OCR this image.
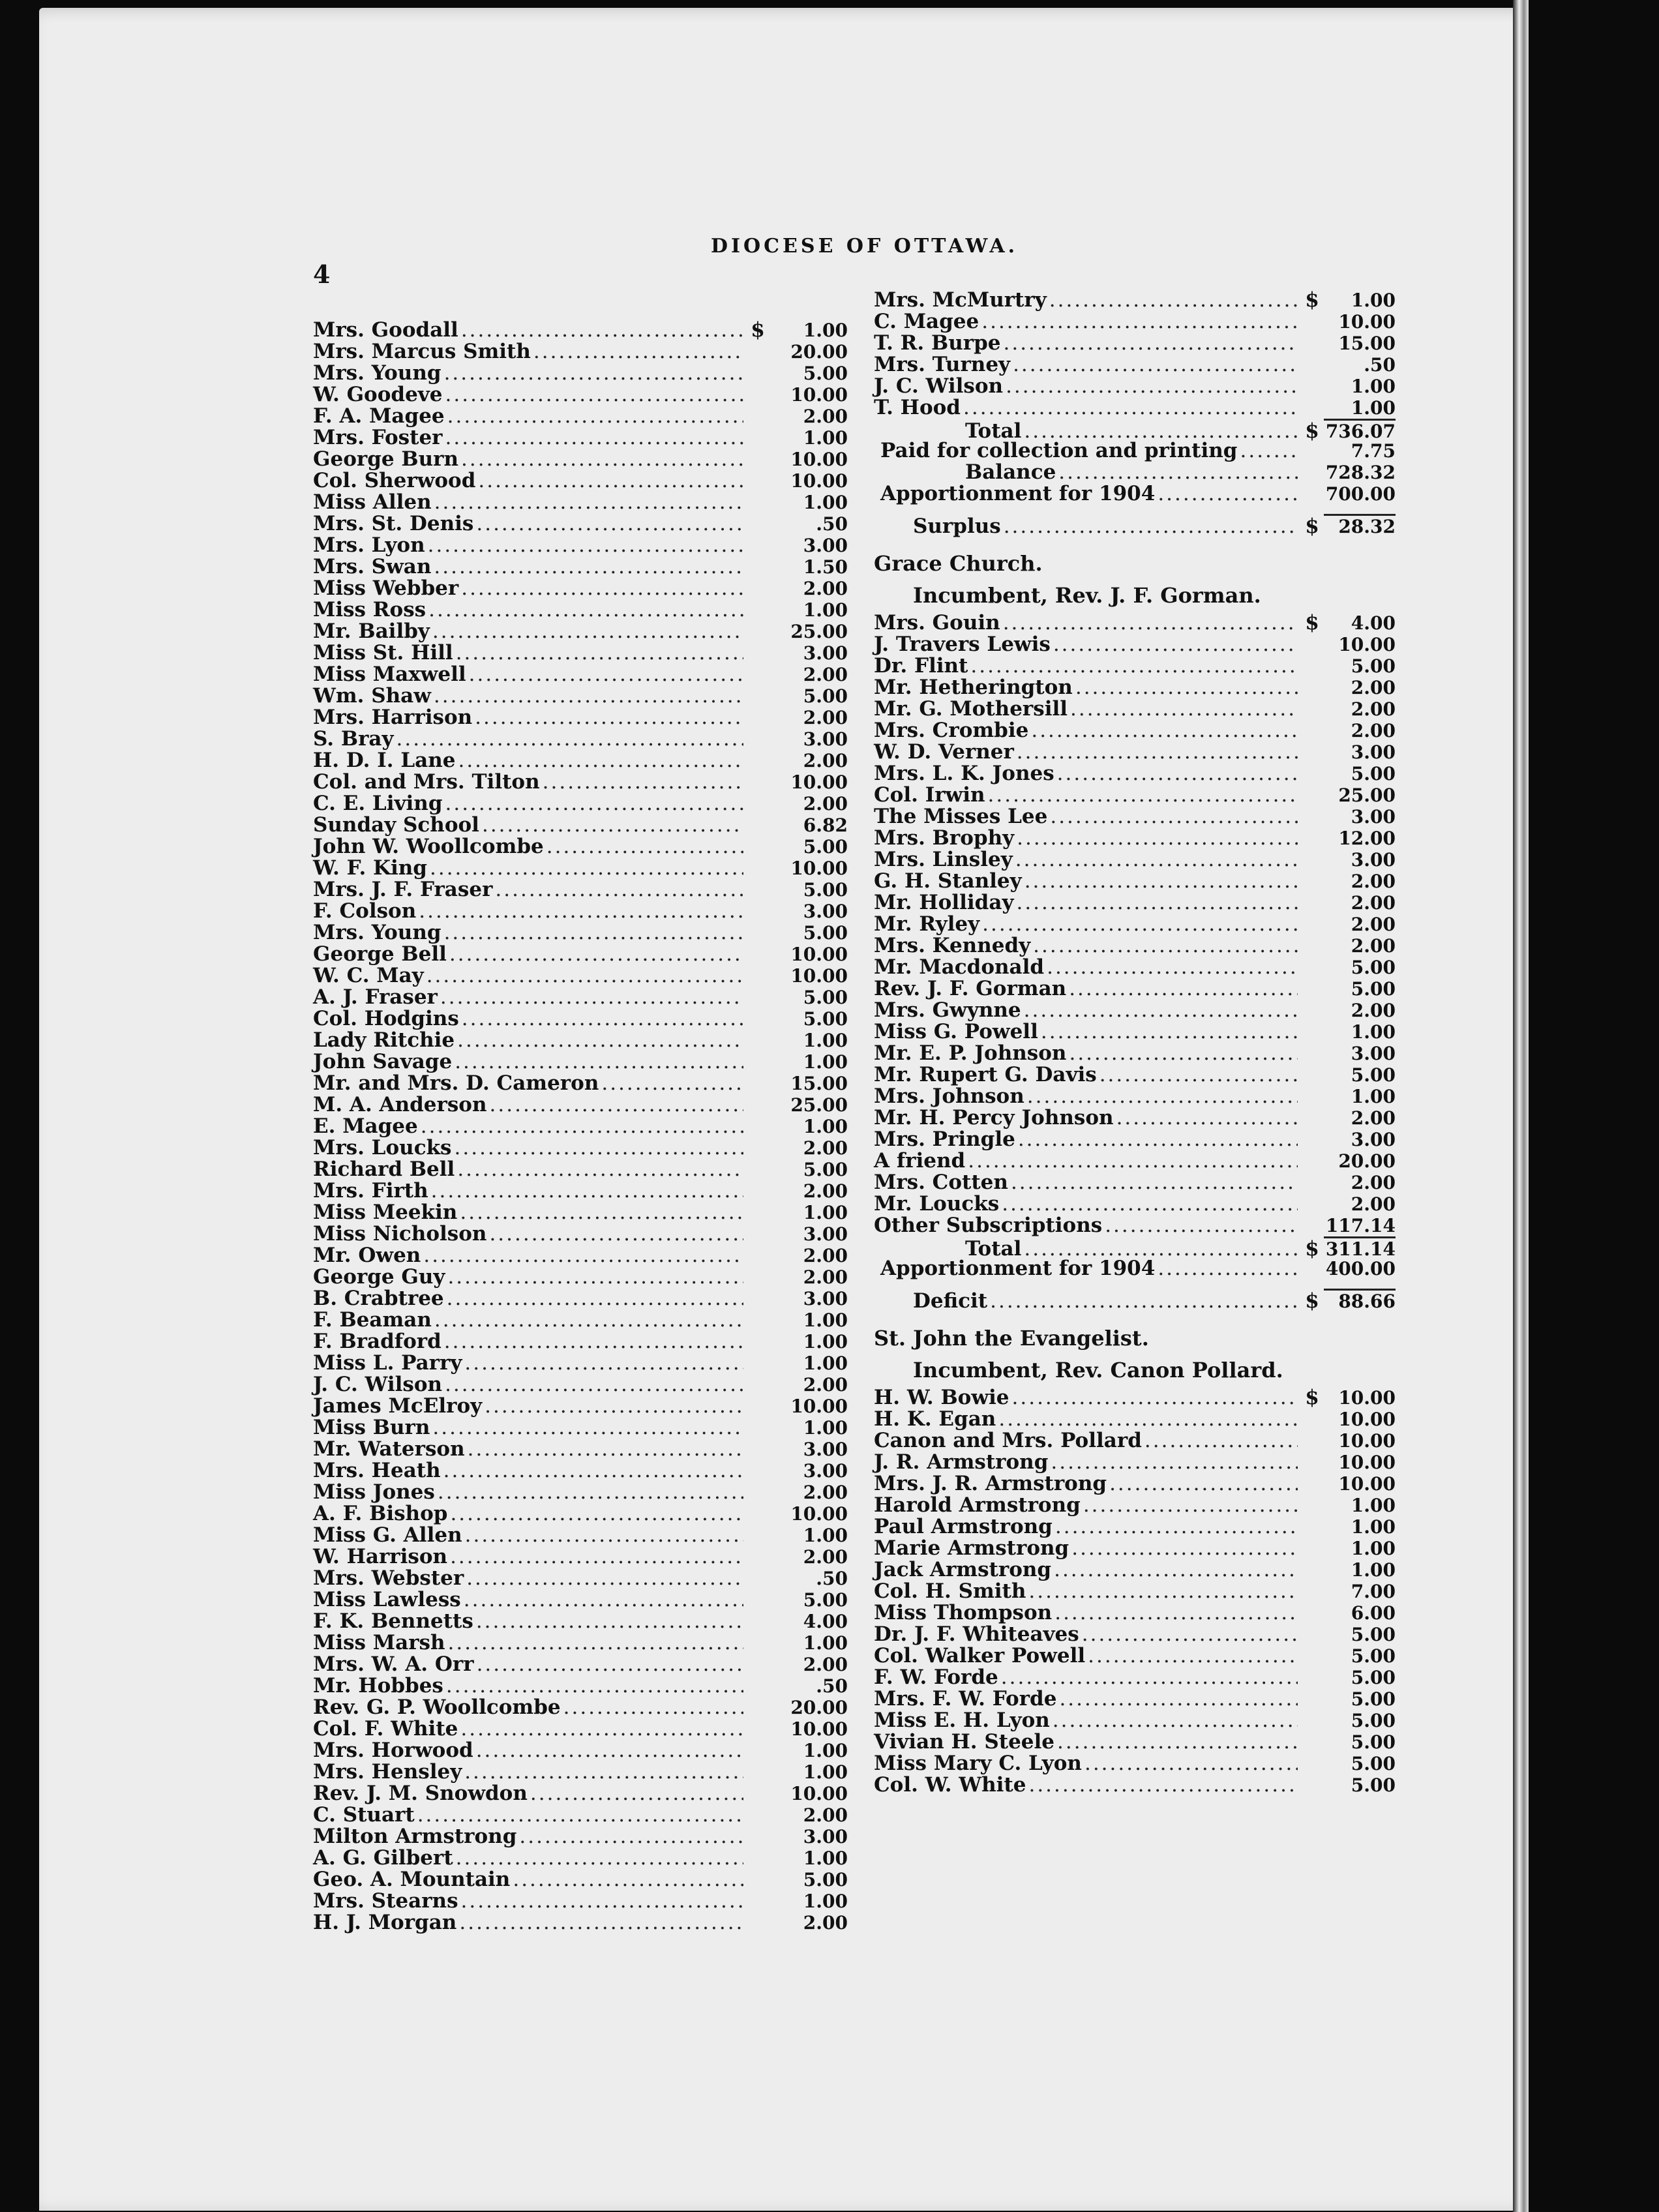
DIOCESE OF OTTAWA.
4
Mrs. Goodall .....	$	1.00
Mrs. Marcus Smith .....	20.00
Mrs. Young .....	5.00
W. Goodeve .....	10.00
F. A. Magee .....	2.00
Mrs. Foster .....	1.00
George Burn .....	10.00
Col. Sherwood .....	10.00
Miss Allen .....	1.00
Mrs. St. Denis .....	.50
Mrs. Lyon .....	3.00
Mrs. Swan .....	1.50
Miss Webber .....	2.00
Miss Ross .....	1.00
Mr. Bailby .....	25.00
Miss St. Hill .....	3.00
Miss Maxwell .....	2.00
Wm. Shaw .....	5.00
Mrs. Harrison .....	2.00
S. Bray .....	3.00
H. D. I. Lane .....	2.00
Col. and Mrs. Tilton .....	10.00
C. E. Living .....	2.00
Sunday School .....	6.82
John W. Woollcombe .....	5.00
W. F. King .....	10.00
Mrs. J. F. Fraser .....	5.00
F. Colson .....	3.00
Mrs. Young .....	5.00
George Bell .....	10.00
W. C. May .....	10.00
A. J. Fraser .....	5.00
Col. Hodgins .....	5.00
Lady Ritchie .....	1.00
John Savage .....	1.00
Mr. and Mrs. D. Cameron .....	15.00
M. A. Anderson .....	25.00
E. Magee .....	1.00
Mrs. Loucks .....	2.00
Richard Bell .....	5.00
Mrs. Firth .....	2.00
Miss Meekin .....	1.00
Miss Nicholson .....	3.00
Mr. Owen .....	2.00
George Guy .....	2.00
B. Crabtree .....	3.00
F. Beaman .....	1.00
F. Bradford .....	1.00
Miss L. Parry .....	1.00
J. C. Wilson .....	2.00
James McElroy .....	10.00
Miss Burn .....	1.00
Mr. Waterson .....	3.00
Mrs. Heath .....	3.00
Miss Jones .....	2.00
A. F. Bishop .....	10.00
Miss G. Allen .....	1.00
W. Harrison .....	2.00
Mrs. Webster .....	.50
Miss Lawless .....	5.00
F. K. Bennetts .....	4.00
Miss Marsh .....	1.00
Mrs. W. A. Orr .....	2.00
Mr. Hobbes .....	.50
Rev. G. P. Woollcombe .....	20.00
Col. F. White .....	10.00
Mrs. Horwood .....	1.00
Mrs. Hensley .....	1.00
Rev. J. M. Snowdon .....	10.00
C. Stuart .....	2.00
Milton Armstrong .....	3.00
A. G. Gilbert .....	1.00
Geo. A. Mountain .....	5.00
Mrs. Stearns .....	1.00
H. J. Morgan .....	2.00
Mrs. McMurtry .....	$	1.00
C. Magee .....	10.00
T. R. Burpe .....	15.00
Mrs. Turney .....	.50
J. C. Wilson .....	1.00
T. Hood .....	1.00
Total .....	$ 736.07
Paid for collection and printing .....	7.75
Balance .....	728.32
Apportionment for 1904 .....	700.00
Surplus .....	$	28.32
Grace Church.
Incumbent, Rev. J. F. Gorman.
Mrs. Gouin .....	$	4.00
J. Travers Lewis .....	10.00
Dr. Flint .....	5.00
Mr. Hetherington .....	2.00
Mr. G. Mothersill .....	2.00
Mrs. Crombie .....	2.00
W. D. Verner .....	3.00
Mrs. L. K. Jones .....	5.00
Col. Irwin .....	25.00
The Misses Lee .....	3.00
Mrs. Brophy .....	12.00
Mrs. Linsley .....	3.00
G. H. Stanley .....	2.00
Mr. Holliday .....	2.00
Mr. Ryley .....	2.00
Mrs. Kennedy .....	2.00
Mr. Macdonald .....	5.00
Rev. J. F. Gorman .....	5.00
Mrs. Gwynne .....	2.00
Miss G. Powell .....	1.00
Mr. E. P. Johnson .....	3.00
Mr. Rupert G. Davis .....	5.00
Mrs. Johnson .....	1.00
Mr. H. Percy Johnson .....	2.00
Mrs. Pringle .....	3.00
A friend .....	20.00
Mrs. Cotten .....	2.00
Mr. Loucks .....	2.00
Other Subscriptions .....	117.14
Total .....	$ 311.14
Apportionment for 1904 .....	400.00
Deficit .....	$	88.66
St. John the Evangelist.
Incumbent, Rev. Canon Pollard.
H. W. Bowie .....	$	10.00
H. K. Egan .....	10.00
Canon and Mrs. Pollard .....	10.00
J. R. Armstrong .....	10.00
Mrs. J. R. Armstrong .....	10.00
Harold Armstrong .....	1.00
Paul Armstrong .....	1.00
Marie Armstrong .....	1.00
Jack Armstrong .....	1.00
Col. H. Smith .....	7.00
Miss Thompson .....	6.00
Dr. J. F. Whiteaves .....	5.00
Col. Walker Powell .....	5.00
F. W. Forde .....	5.00
Mrs. F. W. Forde .....	5.00
Miss E. H. Lyon .....	5.00
Vivian H. Steele .....	5.00
Miss Mary C. Lyon .....	5.00
Col. W. White .....	5.00
